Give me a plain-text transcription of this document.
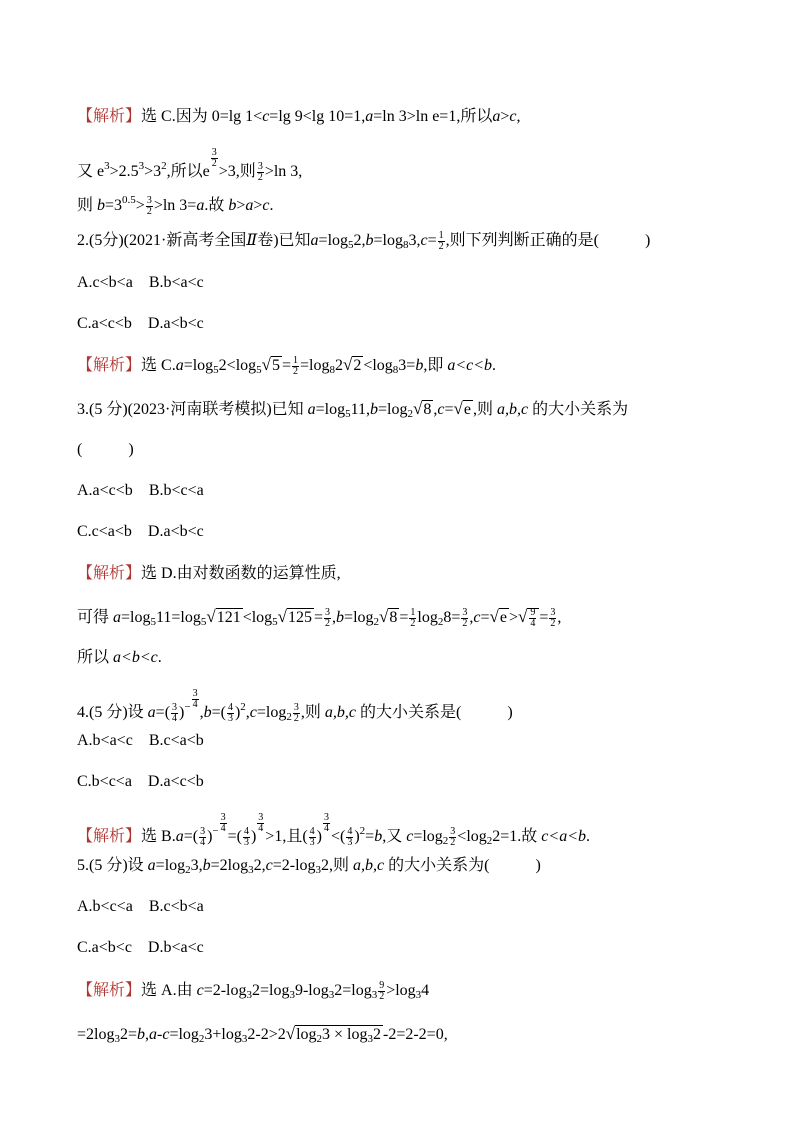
【解析】选 C.因为 0=lg 1<c=lg 9<lg 10=1,a=ln 3>ln e=1,所以a>c,
又 $e^3>2.5^3>3^2$,所以e
$\frac{3}{2}$
>3,则 $\frac{3}{2} >\ln$ 3,
则 $b=3^{0.5}> \frac{3}{2} >\ln$ 3=a.故 b>a>c.
2.(5分)(2021·新高考全国Ⅱ卷)已知$a=\log 52,b=\log 83,c= \frac{1}{2}$ ,则下列判断正确的是(	)
A.c<b<a B.b<a<c
C.a<c<b D.a<b<c
【解析】选 $C.a=\log 52<\log 5√5 = \frac{1}{2} =\log 82√2 <\log 83=b$,即 a<c<b.
3.(5 分)(2023·河南联考模拟)已知 a=log511,b=log2√8 ,c=√e ,则 a,b,c 的大小关系为
(	)
A.a<c<b B.b<c<a
C.c<a<b D.a<b<c
【解析】选 D.由对数函数的运算性质,
可得 $a=\log 511=\log 5√121 <\log 5√125 = \frac{3}{2} ,b=\log 2√8 = \frac{1}{2} \log 28= \frac{3}{2} ,c=√e$ >√ $\frac{9}{4} = \frac{3}{2}$ ,
所以 a<b<c.
4.(5 分)设 $a=( \frac{3}{4} )^- \frac{3}{4}$
$,b=( \frac{4}{3} )^2,c=\log 2 \frac{3}{2}$ ,则 a,b,c 的大小关系是(	)
A.b<a<c B.c<a<b
C.b<c<a D.a<c<b
【解析】选 $B.a=( \frac{3}{4} )^- \frac{3}{4}$
=( $\frac{4}{3}$ )
$\frac{3}{4}$
>1,且( $\frac{4}{3}$ )
$\frac{3}{4}$
<( $\frac{4}{3} )^2=b$,又 $c=\log 2 \frac{3}{2} <\log 22=1$.故 c<a<b.
5.(5 分)设 a=log23,b=2log32,c=2-log32,则 a,b,c 的大小关系为(	)
A.b<c<a B.c<b<a
C.a<b<c D.b<a<c
【解析】选 A.由 $c=2-\log 32=\log 39-\log 32=\log 3 \frac{9}{2} >\log 34$
=2log32=b,a-c=log23+log32-2>2√log23 × log32 -2=2-2=0,
